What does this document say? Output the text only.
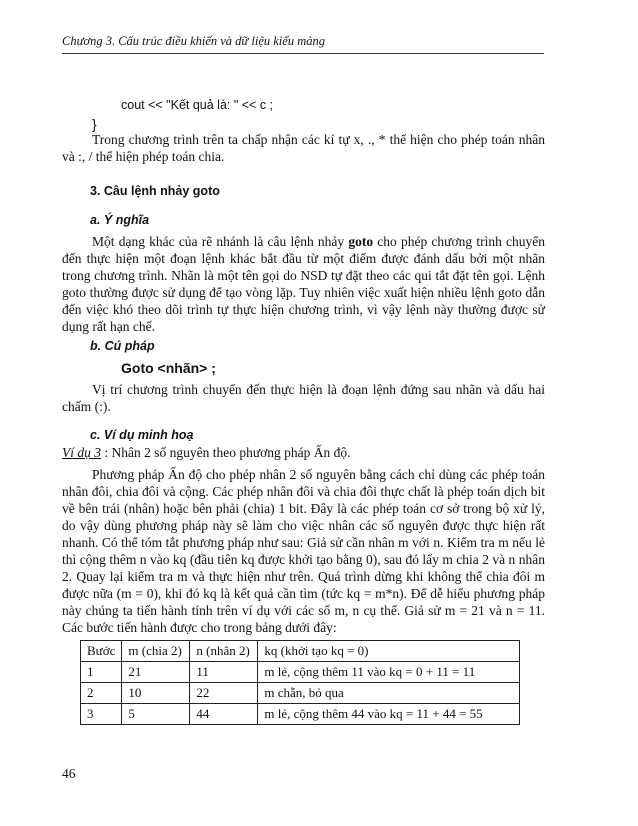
Chương 3. Cấu trúc điều khiển và dữ liệu kiểu mảng
cout << "Kết quả là: " << c ;
}

Trong chương trình trên ta chấp nhận các kí tự x, ., * thể hiện cho phép toán nhân và :, / thể hiện phép toán chia.

3. Câu lệnh nhảy goto
a. Ý nghĩa

Một dạng khác của rẽ nhánh là câu lệnh nhảy goto cho phép chương trình chuyển đến thực hiện một đoạn lệnh khác bắt đầu từ một điểm được đánh dấu bởi một nhãn trong chương trình. Nhãn là một tên gọi do NSD tự đặt theo các qui tắt đặt tên gọi. Lệnh goto thường được sử dụng để tạo vòng lặp. Tuy nhiên việc xuất hiện nhiều lệnh goto dẫn đến việc khó theo dõi trình tự thực hiện chương trình, vì vậy lệnh này thường được sử dụng rất hạn chế.

b. Cú pháp
Goto <nhãn> ;

Vị trí chương trình chuyển đến thực hiện là đoạn lệnh đứng sau nhãn và dấu hai chấm (:).

c. Ví dụ minh hoạ

Ví dụ 3 : Nhân 2 số nguyên theo phương pháp Ấn độ.

Phương pháp Ấn độ cho phép nhân 2 số nguyên bằng cách chỉ dùng các phép toán nhân đôi, chia đôi và cộng. Các phép nhân đôi và chia đôi thực chất là phép toán dịch bit về bên trái (nhân) hoặc bên phải (chia) 1 bit. Đây là các phép toán cơ sở trong bộ xử lý, do vậy dùng phương pháp này sẽ làm cho việc nhân các số nguyên được thực hiện rất nhanh. Có thể tóm tắt phương pháp như sau: Giả sử cần nhân m với n. Kiểm tra m nếu lẻ thì cộng thêm n vào kq (đầu tiên kq được khởi tạo bằng 0), sau đó lấy m chia 2 và n nhân 2. Quay lại kiểm tra m và thực hiện như trên. Quá trình dừng khi không thể chia đôi m được nữa (m = 0), khi đó kq là kết quả cần tìm (tức kq = m*n). Để dễ hiểu phương pháp này chúng ta tiến hành tính trên ví dụ với các số m, n cụ thể. Giả sử m = 21 và n = 11. Các bước tiến hành được cho trong bảng dưới đây:

Bước	m (chia 2)	n (nhân 2)	kq (khởi tạo kq = 0)
1	21	11	m lẻ, cộng thêm 11 vào kq = 0 + 11 = 11
2	10	22	m chẵn, bỏ qua
3	5	44	m lẻ, cộng thêm 44 vào kq = 11 + 44 = 55
46
